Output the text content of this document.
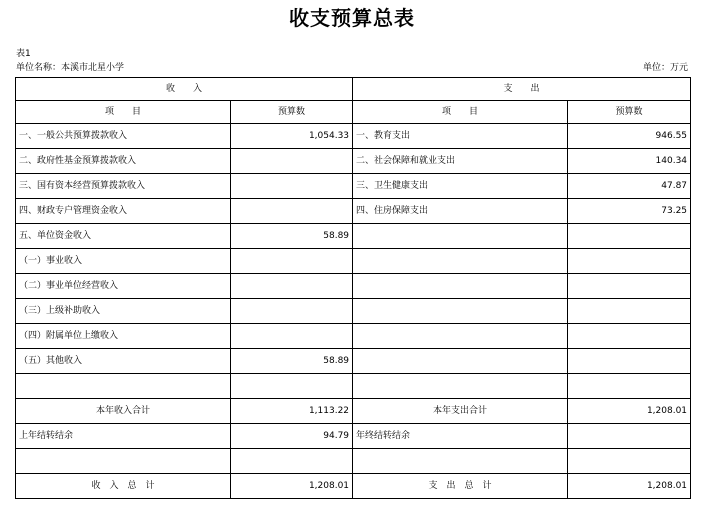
收支预算总表
表1
单位名称：本溪市北星小学	单位：万元
收　　入		支　　出	
项　　目	预算数	项　　目	预算数
一、一般公共预算拨款收入	1,054.33	一、教育支出	946.55
二、政府性基金预算拨款收入		二、社会保障和就业支出	140.34
三、国有资本经营预算拨款收入		三、卫生健康支出	47.87
四、财政专户管理资金收入		四、住房保障支出	73.25
五、单位资金收入	58.89		
（一）事业收入			
（二）事业单位经营收入			
（三）上级补助收入			
（四）附属单位上缴收入			
（五）其他收入	58.89		

本年收入合计	1,113.22	本年支出合计	1,208.01
上年结转结余	94.79	年终结转结余	

收　入　总　计	1,208.01	支　出　总　计	1,208.01
